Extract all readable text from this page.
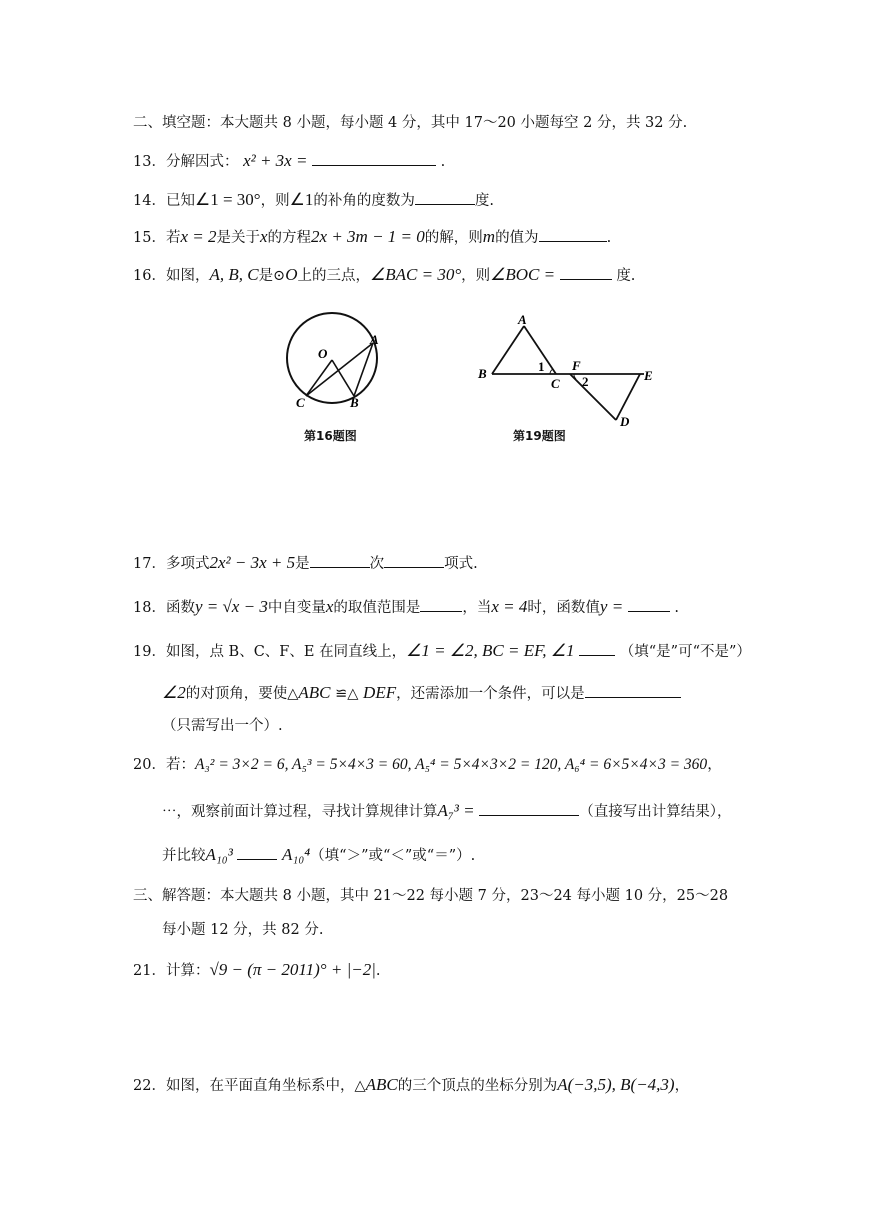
二、填空题：本大题共 8 小题，每小题 4 分，其中 17～20 小题每空 2 分，共 32 分.
13．分解因式： x² + 3x =	.
14．已知∠1 = 30°，则∠1的补角的度数为	度.
15．若x = 2是关于x的方程2x + 3m − 1 = 0的解，则m的值为	.
16．如图，A, B, C是⊙O上的三点，∠BAC = 30°，则∠BOC =	度.
O
A
C	B
第16题图
A
B	1
C
F
2	E
D
第19题图
17．多项式2x² − 3x + 5是	次	项式.
18．函数y = √x − 3中自变量x的取值范围是	，当x = 4时，函数值y =	.
19．如图，点 B、C、F、E 在同直线上，∠1 = ∠2, BC = EF, ∠1	（填“是”可“不是”）
∠2的对顶角，要使△ABC ≌△ DEF，还需添加一个条件，可以是
（只需写出一个）.
20．若：A₃² = 3×2 = 6, A₅³ = 5×4×3 = 60, A₅⁴ = 5×4×3×2 = 120, A₆⁴ = 6×5×4×3 = 360，
⋯，观察前面计算过程，寻找计算规律计算A₇³ =	（直接写出计算结果），
并比较A₁₀³	A₁₀⁴（填“＞”或“＜”或“＝”）.
三、解答题：本大题共 8 小题，其中 21～22 每小题 7 分，23～24 每小题 10 分，25～28
每小题 12 分，共 82 分.
21．计算：√9 − (π − 2011)° + |−2|.
22．如图，在平面直角坐标系中，△ABC的三个顶点的坐标分别为A(−3,5), B(−4,3)，
